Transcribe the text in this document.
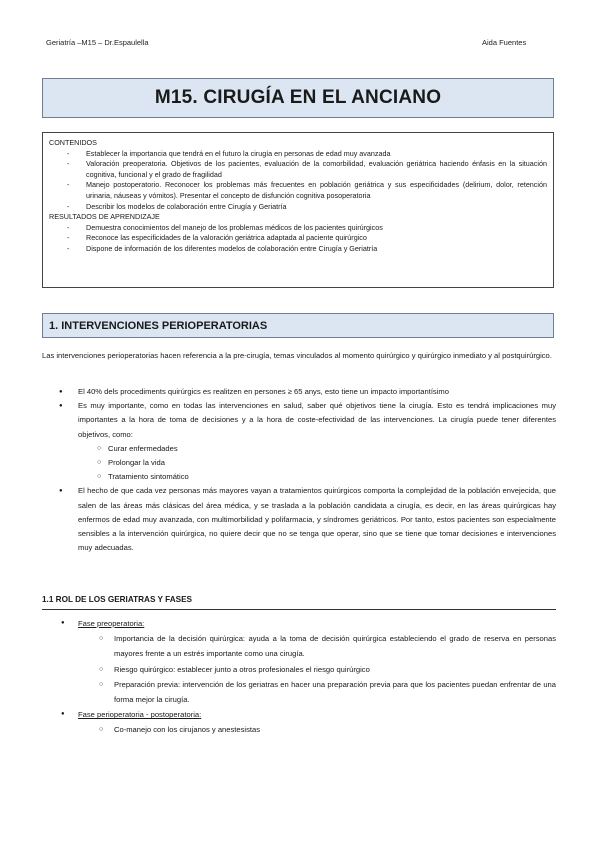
Geriatría –M15 – Dr.Espaulella	Aida Fuentes
M15. CIRUGÍA EN EL ANCIANO
CONTENIDOS
- Establecer la importancia que tendrá en el futuro la cirugía en personas de edad muy avanzada
- Valoración preoperatoria. Objetivos de los pacientes, evaluación de la comorbilidad, evaluación geriátrica haciendo énfasis en la situación cognitiva, funcional y el grado de fragilidad
- Manejo postoperatorio. Reconocer los problemas más frecuentes en población geriátrica y sus especificidades (delirium, dolor, retención urinaria, náuseas y vómitos). Presentar el concepto de disfunción cognitiva posoperatoria
- Describir los modelos de colaboración entre Cirugía y Geriatría
RESULTADOS DE APRENDIZAJE
- Demuestra conocimientos del manejo de los problemas médicos de los pacientes quirúrgicos
- Reconoce las especificidades de la valoración geriátrica adaptada al paciente quirúrgico
- Dispone de información de los diferentes modelos de colaboración entre Cirugía y Geriatría
1. INTERVENCIONES PERIOPERATORIAS
Las intervenciones perioperatorias hacen referencia a la pre-cirugía, temas vinculados al momento quirúrgico y quirúrgico inmediato y al postquirúrgico.
● El 40% dels procediments quirúrgics es realitzen en persones ≥ 65 anys, esto tiene un impacto importantísimo
● Es muy importante, como en todas las intervenciones en salud, saber qué objetivos tiene la cirugía. Esto es tendrá implicaciones muy importantes a la hora de toma de decisiones y a la hora de coste-efectividad de las intervenciones. La cirugía puede tener diferentes objetivos, como:
○ Curar enfermedades
○ Prolongar la vida
○ Tratamiento sintomático
● El hecho de que cada vez personas más mayores vayan a tratamientos quirúrgicos comporta la complejidad de la población envejecida, que salen de las áreas más clásicas del área médica, y se traslada a la población candidata a cirugía, es decir, en las áreas quirúrgicas hay enfermos de edad muy avanzada, con multimorbilidad y polifarmacia, y síndromes geriátricos. Por tanto, estos pacientes son especialmente sensibles a la intervención quirúrgica, no quiere decir que no se tenga que operar, sino que se tiene que tomar decisiones e intervenciones muy adecuadas.
1.1 ROL DE LOS GERIATRAS Y FASES
● Fase preoperatoria:
○ Importancia de la decisión quirúrgica: ayuda a la toma de decisión quirúrgica estableciendo el grado de reserva en personas mayores frente a un estrés importante como una cirugía.
○ Riesgo quirúrgico: establecer junto a otros profesionales el riesgo quirúrgico
○ Preparación previa: intervención de los geriatras en hacer una preparación previa para que los pacientes puedan enfrentar de una forma mejor la cirugía.
● Fase perioperatoria - postoperatoria:
○ Co-manejo con los cirujanos y anestesistas
